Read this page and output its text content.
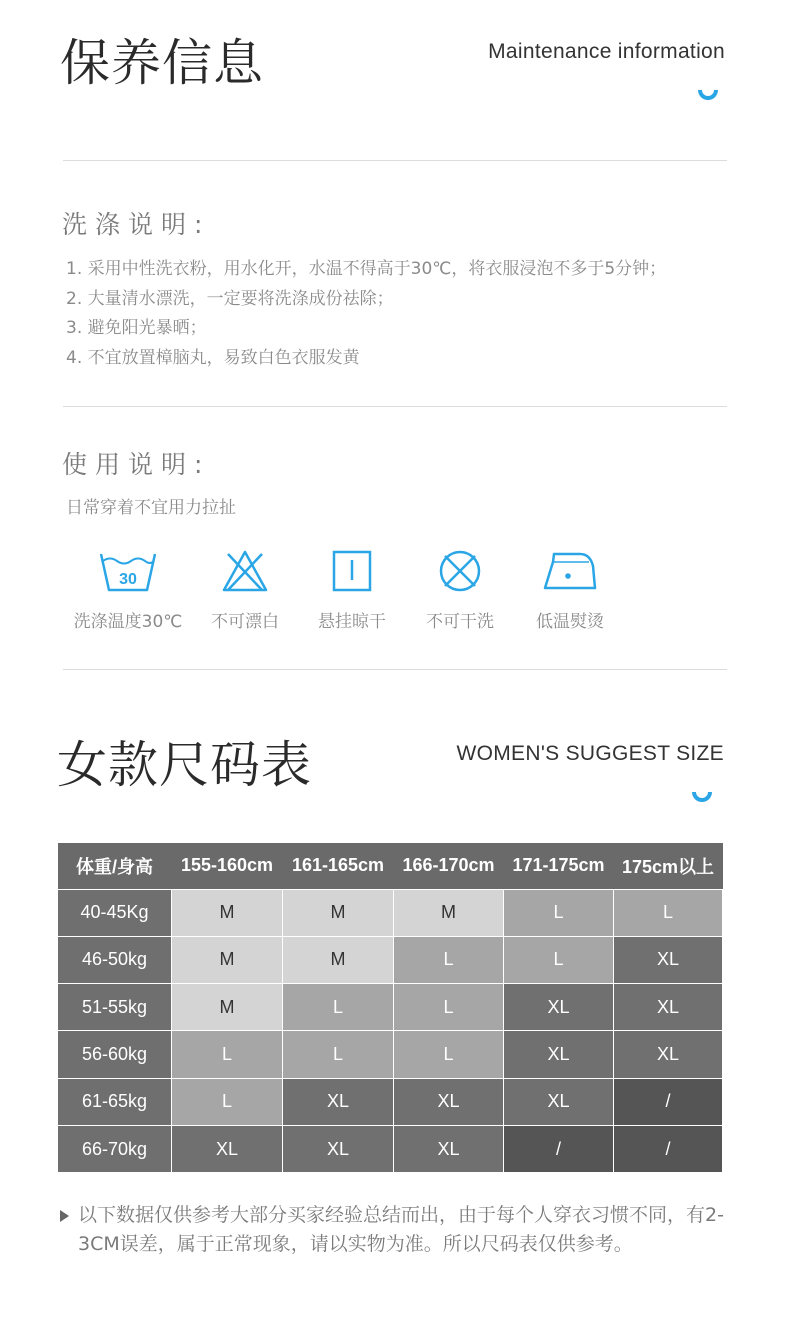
保养信息	Maintenance information
洗涤说明:
1. 采用中性洗衣粉，用水化开，水温不得高于30℃，将衣服浸泡不多于5分钟；
2. 大量清水漂洗，一定要将洗涤成份祛除；
3. 避免阳光暴晒；
4. 不宜放置樟脑丸，易致白色衣服发黄
使用说明:
日常穿着不宜用力拉扯
30
洗涤温度30℃	不可漂白	悬挂晾干	不可干洗	低温熨烫
女款尺码表	WOMEN'S SUGGEST SIZE
体重/身高	155-160cm	161-165cm	166-170cm	171-175cm	175cm以上
40-45Kg	M	M	M	L	L
46-50kg	M	M	L	L	XL
51-55kg	M	L	L	XL	XL
56-60kg	L	L	L	XL	XL
61-65kg	L	XL	XL	XL	/
66-70kg	XL	XL	XL	/	/
以下数据仅供参考大部分买家经验总结而出，由于每个人穿衣习惯不同，有2-3CM误差，属于正常现象，请以实物为准。所以尺码表仅供参考。
